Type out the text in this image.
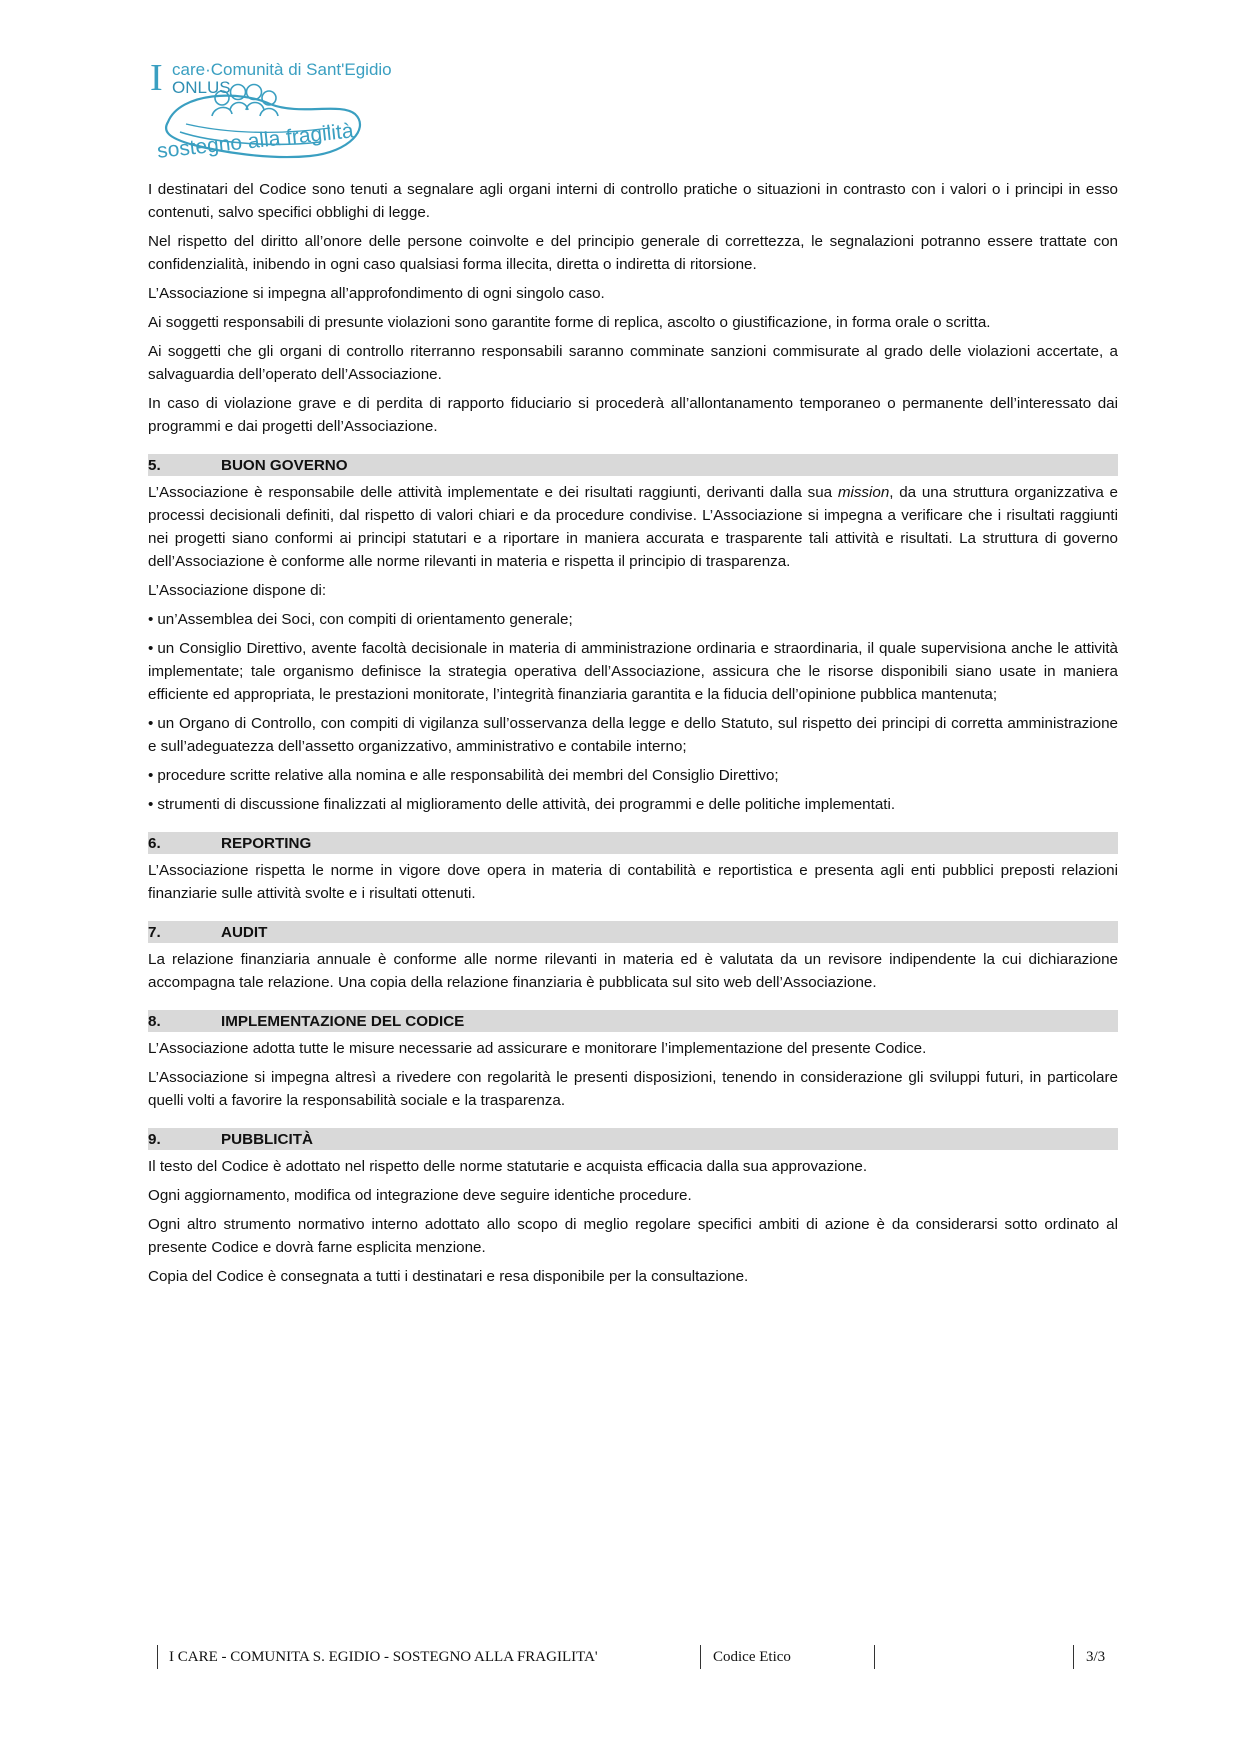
I care·Comunità di Sant'Egidio
ONLUS
sostegno alla fragilità

I destinatari del Codice sono tenuti a segnalare agli organi interni di controllo pratiche o situazioni in contrasto con i valori o i principi in esso contenuti, salvo specifici obblighi di legge.

Nel rispetto del diritto all’onore delle persone coinvolte e del principio generale di correttezza, le segnalazioni potranno essere trattate con confidenzialità, inibendo in ogni caso qualsiasi forma illecita, diretta o indiretta di ritorsione.

L’Associazione si impegna all’approfondimento di ogni singolo caso.

Ai soggetti responsabili di presunte violazioni sono garantite forme di replica, ascolto o giustificazione, in forma orale o scritta.

Ai soggetti che gli organi di controllo riterranno responsabili saranno comminate sanzioni commisurate al grado delle violazioni accertate, a salvaguardia dell’operato dell’Associazione.

In caso di violazione grave e di perdita di rapporto fiduciario si procederà all’allontanamento temporaneo o permanente dell’interessato dai programmi e dai progetti dell’Associazione.

5.	BUON GOVERNO

L’Associazione è responsabile delle attività implementate e dei risultati raggiunti, derivanti dalla sua mission, da una struttura organizzativa e processi decisionali definiti, dal rispetto di valori chiari e da procedure condivise. L’Associazione si impegna a verificare che i risultati raggiunti nei progetti siano conformi ai principi statutari e a riportare in maniera accurata e trasparente tali attività e risultati. La struttura di governo dell’Associazione è conforme alle norme rilevanti in materia e rispetta il principio di trasparenza.

L’Associazione dispone di:

• un’Assemblea dei Soci, con compiti di orientamento generale;

• un Consiglio Direttivo, avente facoltà decisionale in materia di amministrazione ordinaria e straordinaria, il quale supervisiona anche le attività implementate; tale organismo definisce la strategia operativa dell’Associazione, assicura che le risorse disponibili siano usate in maniera efficiente ed appropriata, le prestazioni monitorate, l’integrità finanziaria garantita e la fiducia dell’opinione pubblica mantenuta;

• un Organo di Controllo, con compiti di vigilanza sull’osservanza della legge e dello Statuto, sul rispetto dei principi di corretta amministrazione e sull’adeguatezza dell’assetto organizzativo, amministrativo e contabile interno;

• procedure scritte relative alla nomina e alle responsabilità dei membri del Consiglio Direttivo;

• strumenti di discussione finalizzati al miglioramento delle attività, dei programmi e delle politiche implementati.

6.	REPORTING

L’Associazione rispetta le norme in vigore dove opera in materia di contabilità e reportistica e presenta agli enti pubblici preposti relazioni finanziarie sulle attività svolte e i risultati ottenuti.

7.	AUDIT

La relazione finanziaria annuale è conforme alle norme rilevanti in materia ed è valutata da un revisore indipendente la cui dichiarazione accompagna tale relazione. Una copia della relazione finanziaria è pubblicata sul sito web dell’Associazione.

8.	IMPLEMENTAZIONE DEL CODICE

L’Associazione adotta tutte le misure necessarie ad assicurare e monitorare l’implementazione del presente Codice.

L’Associazione si impegna altresì a rivedere con regolarità le presenti disposizioni, tenendo in considerazione gli sviluppi futuri, in particolare quelli volti a favorire la responsabilità sociale e la trasparenza.

9.	PUBBLICITÀ

Il testo del Codice è adottato nel rispetto delle norme statutarie e acquista efficacia dalla sua approvazione.

Ogni aggiornamento, modifica od integrazione deve seguire identiche procedure.

Ogni altro strumento normativo interno adottato allo scopo di meglio regolare specifici ambiti di azione è da considerarsi sotto ordinato al presente Codice e dovrà farne esplicita menzione.

Copia del Codice è consegnata a tutti i destinatari e resa disponibile per la consultazione.

I CARE - COMUNITA S. EGIDIO - SOSTEGNO ALLA FRAGILITA'	Codice Etico	3/3
